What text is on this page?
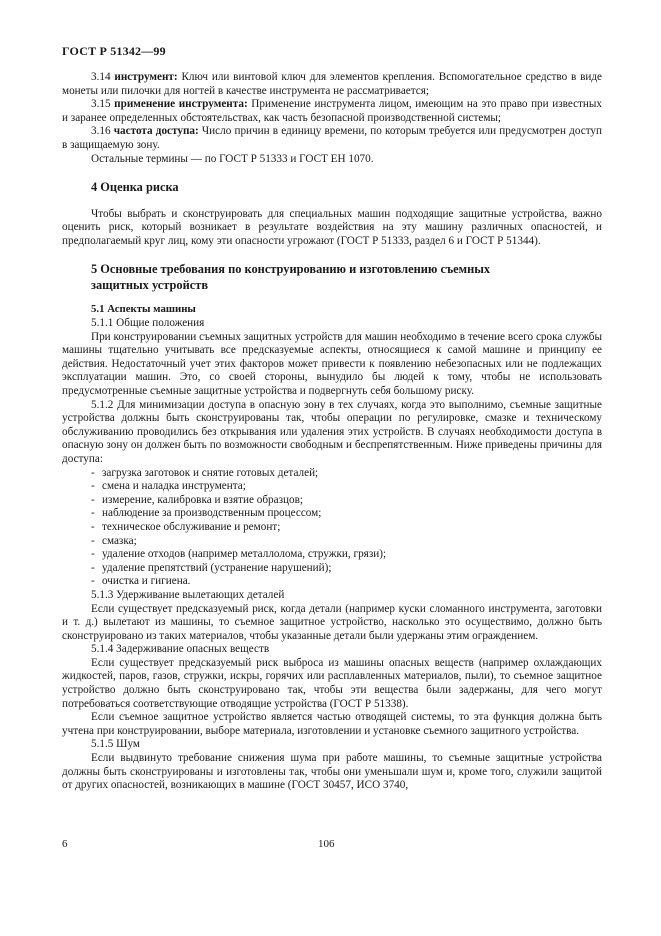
ГОСТ Р 51342—99

3.14 инструмент: Ключ или винтовой ключ для элементов крепления. Вспомогательное средство в виде монеты или пилочки для ногтей в качестве инструмента не рассматривается;

3.15 применение инструмента: Применение инструмента лицом, имеющим на это право при известных и заранее определенных обстоятельствах, как часть безопасной производственной системы;

3.16 частота доступа: Число причин в единицу времени, по которым требуется или предусмотрен доступ в защищаемую зону.

Остальные термины — по ГОСТ Р 51333 и ГОСТ ЕН 1070.

4 Оценка риска

Чтобы выбрать и сконструировать для специальных машин подходящие защитные устройства, важно оценить риск, который возникает в результате воздействия на эту машину различных опасностей, и предполагаемый круг лиц, кому эти опасности угрожают (ГОСТ Р 51333, раздел 6 и ГОСТ Р 51344).

5 Основные требования по конструированию и изготовлению съемных
защитных устройств

5.1 Аспекты машины

5.1.1 Общие положения

При конструировании съемных защитных устройств для машин необходимо в течение всего срока службы машины тщательно учитывать все предсказуемые аспекты, относящиеся к самой машине и принципу ее действия. Недостаточный учет этих факторов может привести к появлению небезопасных или не подлежащих эксплуатации машин. Это, со своей стороны, вынудило бы людей к тому, чтобы не использовать предусмотренные съемные защитные устройства и подвергнуть себя большому риску.

5.1.2 Для минимизации доступа в опасную зону в тех случаях, когда это выполнимо, съемные защитные устройства должны быть сконструированы так, чтобы операции по регулировке, смазке и техническому обслуживанию проводились без открывания или удаления этих устройств. В случаях необходимости доступа в опасную зону он должен быть по возможности свободным и беспрепятственным. Ниже приведены причины для доступа:

- загрузка заготовок и снятие готовых деталей;
- смена и наладка инструмента;
- измерение, калибровка и взятие образцов;
- наблюдение за производственным процессом;
- техническое обслуживание и ремонт;
- смазка;
- удаление отходов (например металлолома, стружки, грязи);
- удаление препятствий (устранение нарушений);
- очистка и гигиена.

5.1.3 Удерживание вылетающих деталей

Если существует предсказуемый риск, когда детали (например куски сломанного инструмента, заготовки и т. д.) вылетают из машины, то съемное защитное устройство, насколько это осуществимо, должно быть сконструировано из таких материалов, чтобы указанные детали были удержаны этим ограждением.

5.1.4 Задерживание опасных веществ

Если существует предсказуемый риск выброса из машины опасных веществ (например охлаждающих жидкостей, паров, газов, стружки, искры, горячих или расплавленных материалов, пыли), то съемное защитное устройство должно быть сконструировано так, чтобы эти вещества были задержаны, для чего могут потребоваться соответствующие отводящие устройства (ГОСТ Р 51338).

Если съемное защитное устройство является частью отводящей системы, то эта функция должна быть учтена при конструировании, выборе материала, изготовлении и установке съемного защитного устройства.

5.1.5 Шум

Если выдвинуто требование снижения шума при работе машины, то съемные защитные устройства должны быть сконструированы и изготовлены так, чтобы они уменьшали шум и, кроме того, служили защитой от других опасностей, возникающих в машине (ГОСТ 30457, ИСО 3740,

6	106
